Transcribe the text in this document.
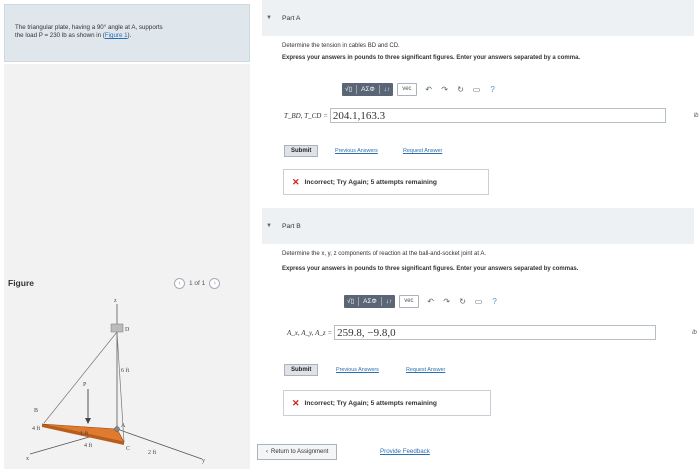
The triangular plate, having a 90° angle at A, supports
the load P = 230 lb as shown in (Figure 1).
Figure	‹	1 of 1	›
z
D
6 ft
P
B
A
4 ft
1 ft
4 ft	C
2 ft
x	y
▼ Part A
Determine the tension in cables BD and CD.
Express your answers in pounds to three significant figures. Enter your answers separated by a comma.
√▯ ΑΣΦ ↓↑	vec	↶	↷	↻	▭	?
T_BD, T_CD = 204.1,163.3	lb
Submit	Previous Answers	Request Answer
✕ Incorrect; Try Again; 5 attempts remaining
▼ Part B
Determine the x, y, z components of reaction at the ball-and-socket joint at A.
Express your answers in pounds to three significant figures. Enter your answers separated by commas.
√▯ ΑΣΦ ↓↑	vec	↶	↷	↻	▭	?
A_x, A_y, A_z = 259.8, −9.8,0	lb
Submit	Previous Answers	Request Answer
✕ Incorrect; Try Again; 5 attempts remaining
‹ Return to Assignment	Provide Feedback
